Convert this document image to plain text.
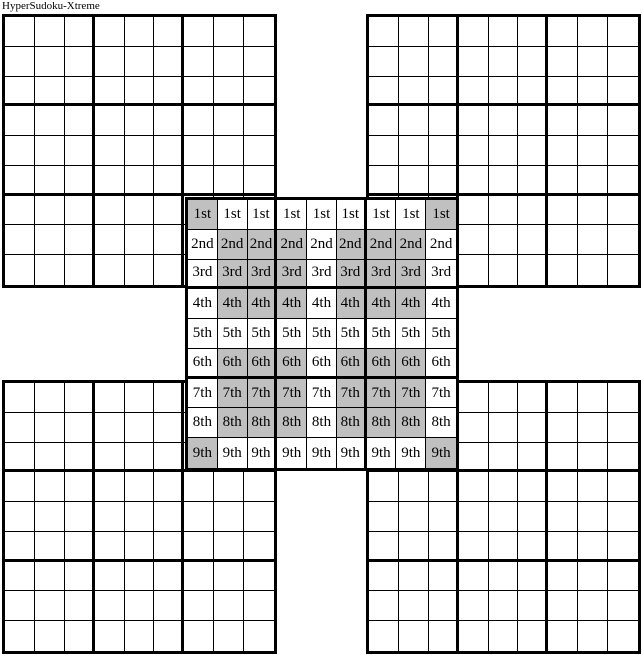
HyperSudoku-Xtreme
1st 1st 1st 1st 1st 1st 1st 1st 1st
2nd 2nd 2nd 2nd 2nd 2nd 2nd 2nd 2nd
3rd 3rd 3rd 3rd 3rd 3rd 3rd 3rd 3rd
4th 4th 4th 4th 4th 4th 4th 4th 4th
5th 5th 5th 5th 5th 5th 5th 5th 5th
6th 6th 6th 6th 6th 6th 6th 6th 6th
7th 7th 7th 7th 7th 7th 7th 7th 7th
8th 8th 8th 8th 8th 8th 8th 8th 8th
9th 9th 9th 9th 9th 9th 9th 9th 9th
